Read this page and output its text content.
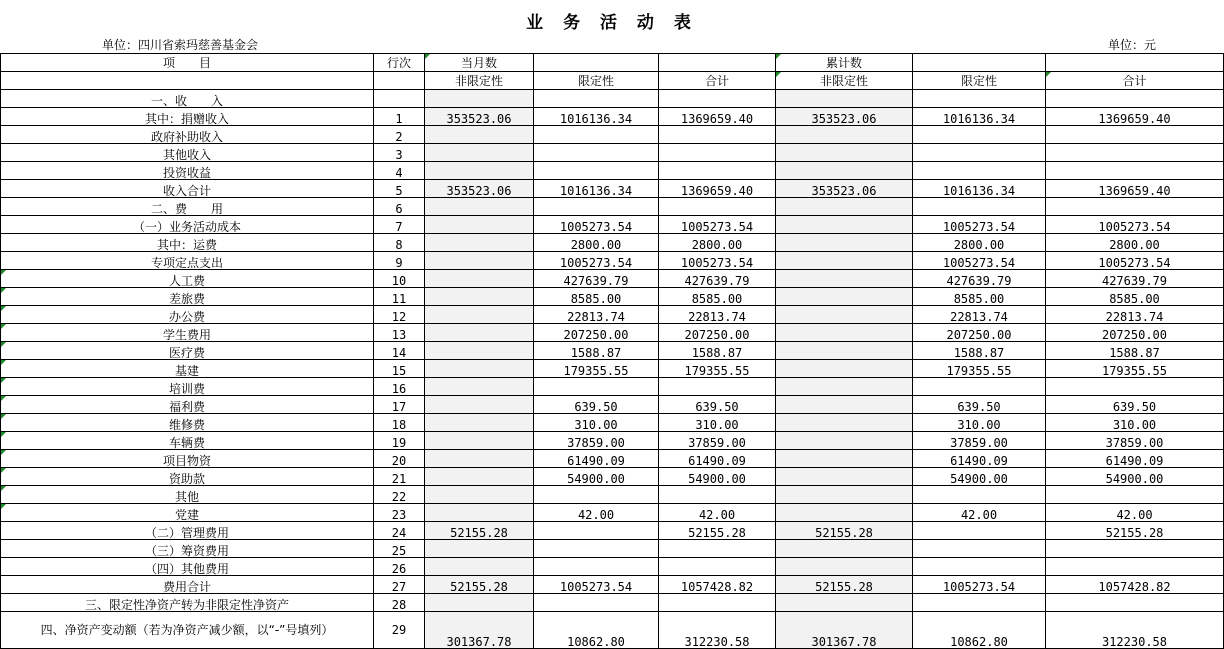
业 务 活 动 表
单位：四川省索玛慈善基金会	单位：元
项　　目	行次	当月数			累计数		
		非限定性	限定性	合计	非限定性	限定性	合计
一、收　　入							
其中：捐赠收入	1	353523.06	1016136.34	1369659.40	353523.06	1016136.34	1369659.40
政府补助收入	2						
其他收入	3						
投资收益	4						
收入合计	5	353523.06	1016136.34	1369659.40	353523.06	1016136.34	1369659.40
二、费　　用	6						
（一）业务活动成本	7		1005273.54	1005273.54		1005273.54	1005273.54
其中：运费	8		2800.00	2800.00		2800.00	2800.00
专项定点支出	9		1005273.54	1005273.54		1005273.54	1005273.54
人工费	10		427639.79	427639.79		427639.79	427639.79
差旅费	11		8585.00	8585.00		8585.00	8585.00
办公费	12		22813.74	22813.74		22813.74	22813.74
学生费用	13		207250.00	207250.00		207250.00	207250.00
医疗费	14		1588.87	1588.87		1588.87	1588.87
基建	15		179355.55	179355.55		179355.55	179355.55
培训费	16						
福利费	17		639.50	639.50		639.50	639.50
维修费	18		310.00	310.00		310.00	310.00
车辆费	19		37859.00	37859.00		37859.00	37859.00
项目物资	20		61490.09	61490.09		61490.09	61490.09
资助款	21		54900.00	54900.00		54900.00	54900.00
其他	22						
党建	23		42.00	42.00		42.00	42.00
（二）管理费用	24	52155.28		52155.28	52155.28		52155.28
（三）筹资费用	25						
（四）其他费用	26						
费用合计	27	52155.28	1005273.54	1057428.82	52155.28	1005273.54	1057428.82
三、限定性净资产转为非限定性净资产	28						
四、净资产变动额（若为净资产减少额，以“-”号填列）	29	301367.78	10862.80	312230.58	301367.78	10862.80	312230.58
